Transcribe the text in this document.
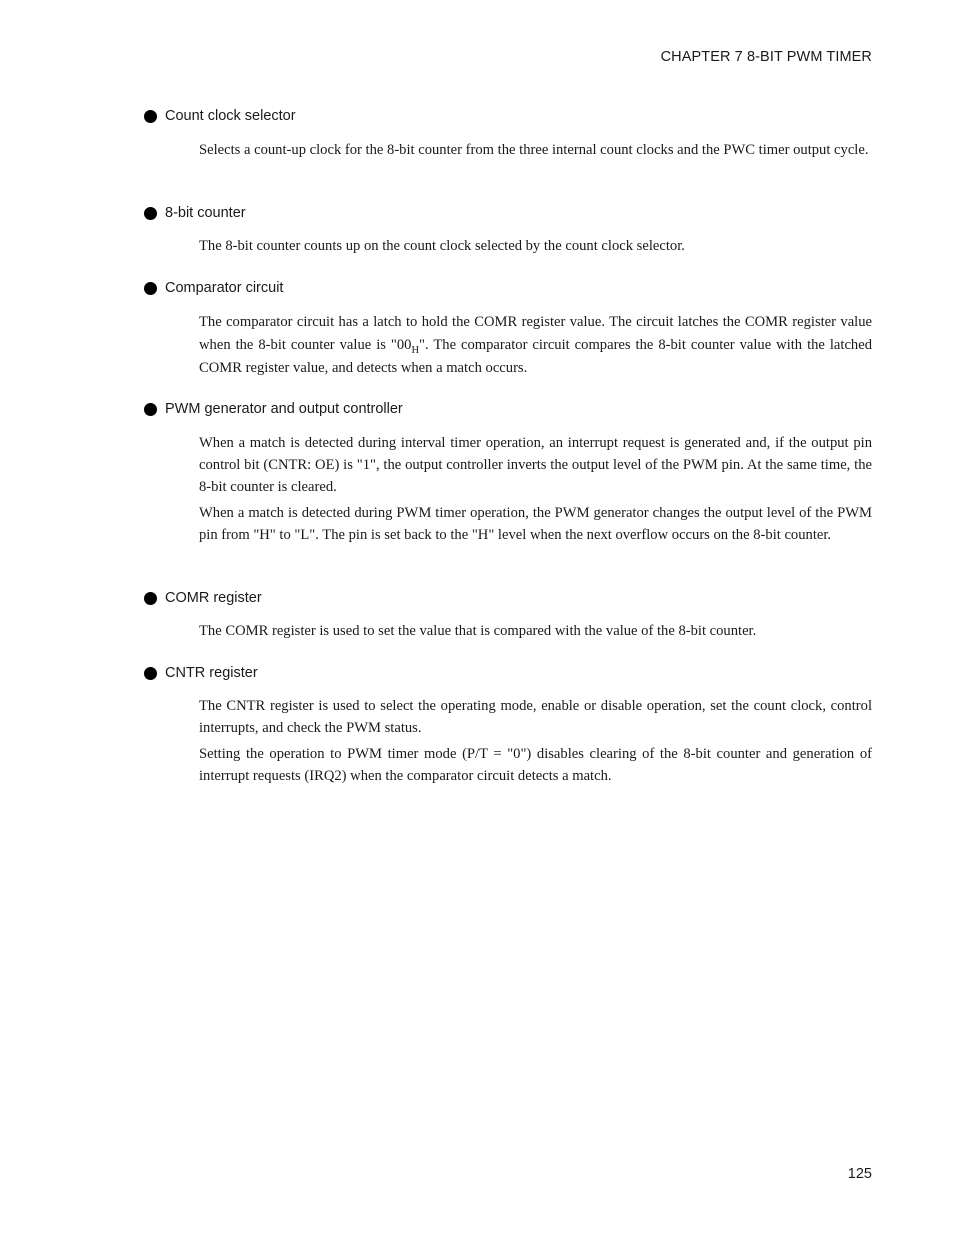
CHAPTER 7 8-BIT PWM TIMER
Count clock selector

Selects a count-up clock for the 8-bit counter from the three internal count clocks and the PWC timer output cycle.

8-bit counter

The 8-bit counter counts up on the count clock selected by the count clock selector.

Comparator circuit

The comparator circuit has a latch to hold the COMR register value. The circuit latches the COMR register value when the 8-bit counter value is "$00_H$". The comparator circuit compares the 8-bit counter value with the latched COMR register value, and detects when a match occurs.

PWM generator and output controller

When a match is detected during interval timer operation, an interrupt request is generated and, if the output pin control bit (CNTR: OE) is "1", the output controller inverts the output level of the PWM pin. At the same time, the 8-bit counter is cleared.

When a match is detected during PWM timer operation, the PWM generator changes the output level of the PWM pin from "H" to "L". The pin is set back to the "H" level when the next overflow occurs on the 8-bit counter.

COMR register

The COMR register is used to set the value that is compared with the value of the 8-bit counter.

CNTR register

The CNTR register is used to select the operating mode, enable or disable operation, set the count clock, control interrupts, and check the PWM status.

Setting the operation to PWM timer mode (P/T = "0") disables clearing of the 8-bit counter and generation of interrupt requests (IRQ2) when the comparator circuit detects a match.

125
